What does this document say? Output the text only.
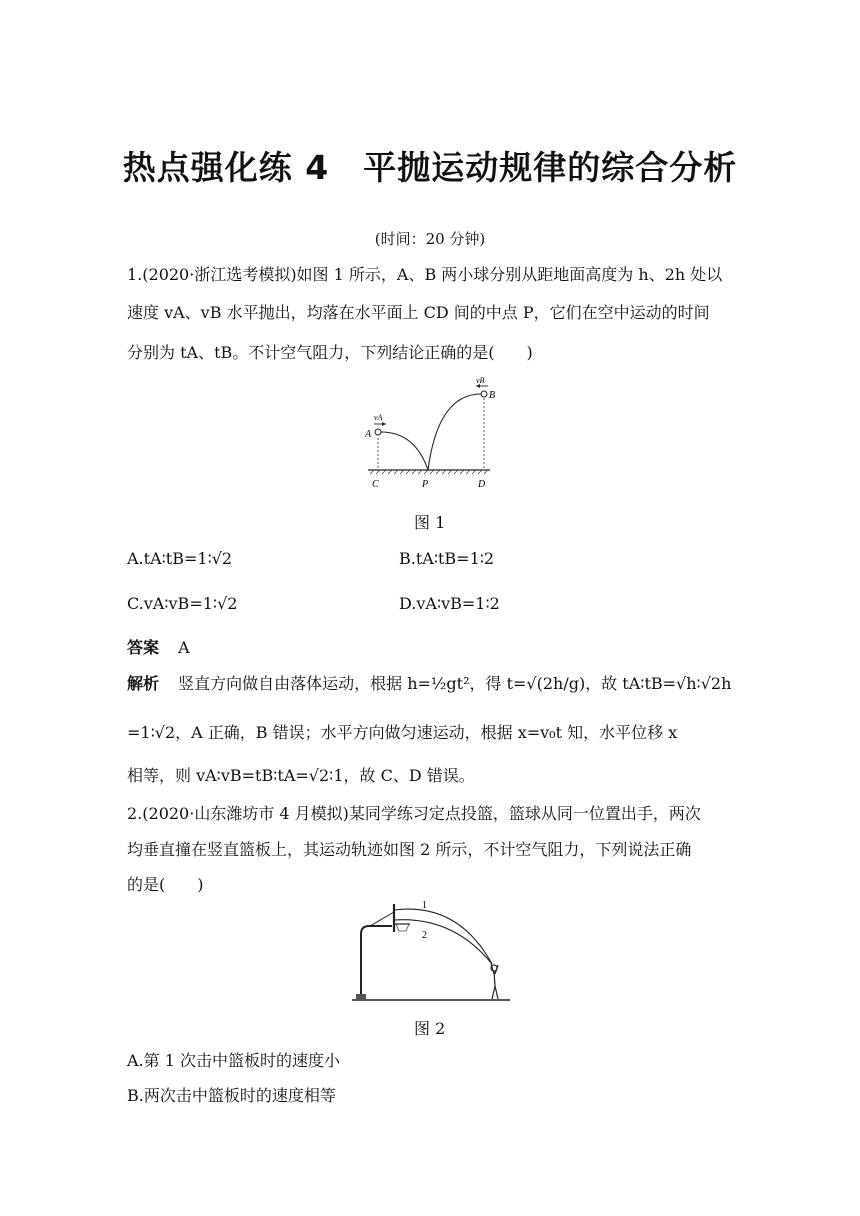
热点强化练 4　平抛运动规律的综合分析
(时间：20 分钟)
1.(2020·浙江选考模拟)如图 1 所示，A、B 两小球分别从距地面高度为 h、2h 处以
速度 vA、vB 水平抛出，均落在水平面上 CD 间的中点 P，它们在空中运动的时间
分别为 tA、tB。不计空气阻力，下列结论正确的是(　　)
vA
vB
A
B
C	P	D
图 1
A.tA∶tB=1∶√2	B.tA∶tB=1∶2
C.vA∶vB=1∶√2	D.vA∶vB=1∶2
答案 A
解析 竖直方向做自由落体运动，根据 h=½gt²，得 t=√(2h/g)，故 tA∶tB=√h∶√2h
=1∶√2，A 正确，B 错误；水平方向做匀速运动，根据 x=v₀t 知，水平位移 x
相等，则 vA∶vB=tB∶tA=√2∶1，故 C、D 错误。
2.(2020·山东潍坊市 4 月模拟)某同学练习定点投篮，篮球从同一位置出手，两次
均垂直撞在竖直篮板上，其运动轨迹如图 2 所示，不计空气阻力，下列说法正确
的是(　　)
1
2
图 2
A.第 1 次击中篮板时的速度小
B.两次击中篮板时的速度相等
